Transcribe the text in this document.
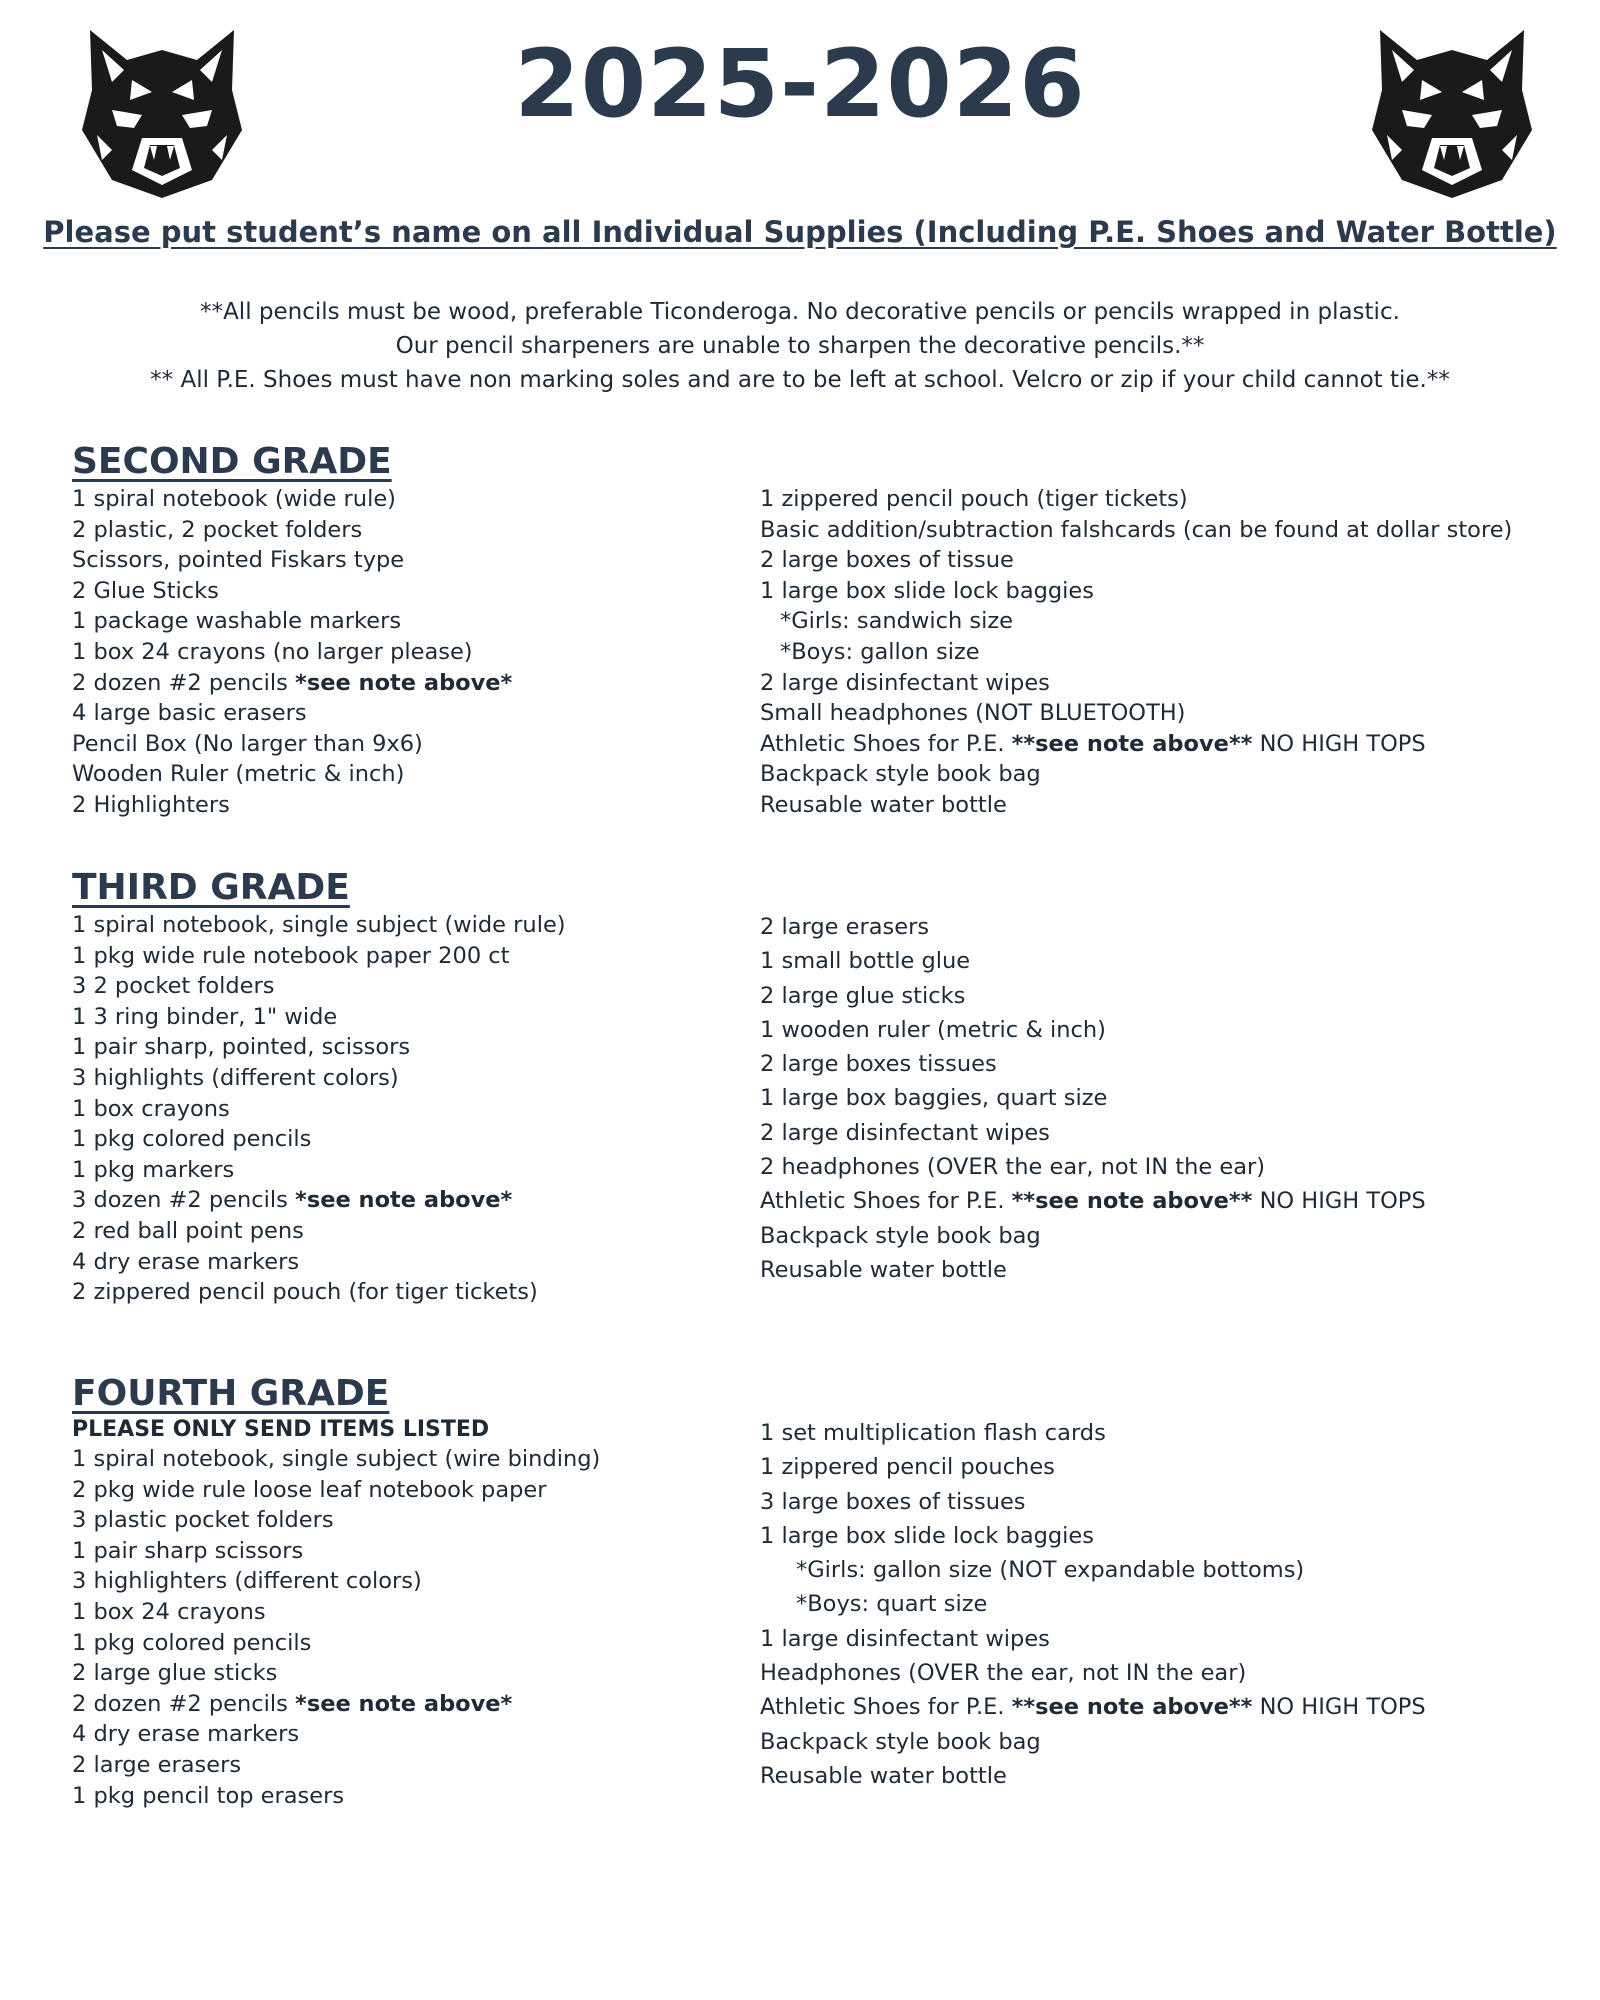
2025-2026
Please put student’s name on all Individual Supplies (Including P.E. Shoes and Water Bottle)
**All pencils must be wood, preferable Ticonderoga. No decorative pencils or pencils wrapped in plastic.
Our pencil sharpeners are unable to sharpen the decorative pencils.**
** All P.E. Shoes must have non marking soles and are to be left at school. Velcro or zip if your child cannot tie.**
SECOND GRADE
1 spiral notebook (wide rule)
2 plastic, 2 pocket folders
Scissors, pointed Fiskars type
2 Glue Sticks
1 package washable markers
1 box 24 crayons (no larger please)
2 dozen #2 pencils *see note above*
4 large basic erasers
Pencil Box (No larger than 9x6)
Wooden Ruler (metric & inch)
2 Highlighters
1 zippered pencil pouch (tiger tickets)
Basic addition/subtraction falshcards (can be found at dollar store)
2 large boxes of tissue
1 large box slide lock baggies
*Girls: sandwich size
*Boys: gallon size
2 large disinfectant wipes
Small headphones (NOT BLUETOOTH)
Athletic Shoes for P.E. **see note above** NO HIGH TOPS
Backpack style book bag
Reusable water bottle
THIRD GRADE
1 spiral notebook, single subject (wide rule)
1 pkg wide rule notebook paper 200 ct
3 2 pocket folders
1 3 ring binder, 1" wide
1 pair sharp, pointed, scissors
3 highlights (different colors)
1 box crayons
1 pkg colored pencils
1 pkg markers
3 dozen #2 pencils *see note above*
2 red ball point pens
4 dry erase markers
2 zippered pencil pouch (for tiger tickets)
2 large erasers
1 small bottle glue
2 large glue sticks
1 wooden ruler (metric & inch)
2 large boxes tissues
1 large box baggies, quart size
2 large disinfectant wipes
2 headphones (OVER the ear, not IN the ear)
Athletic Shoes for P.E. **see note above** NO HIGH TOPS
Backpack style book bag
Reusable water bottle
FOURTH GRADE
PLEASE ONLY SEND ITEMS LISTED
1 spiral notebook, single subject (wire binding)
2 pkg wide rule loose leaf notebook paper
3 plastic pocket folders
1 pair sharp scissors
3 highlighters (different colors)
1 box 24 crayons
1 pkg colored pencils
2 large glue sticks
2 dozen #2 pencils *see note above*
4 dry erase markers
2 large erasers
1 pkg pencil top erasers
1 set multiplication flash cards
1 zippered pencil pouches
3 large boxes of tissues
1 large box slide lock baggies
*Girls: gallon size (NOT expandable bottoms)
*Boys: quart size
1 large disinfectant wipes
Headphones (OVER the ear, not IN the ear)
Athletic Shoes for P.E. **see note above** NO HIGH TOPS
Backpack style book bag
Reusable water bottle
